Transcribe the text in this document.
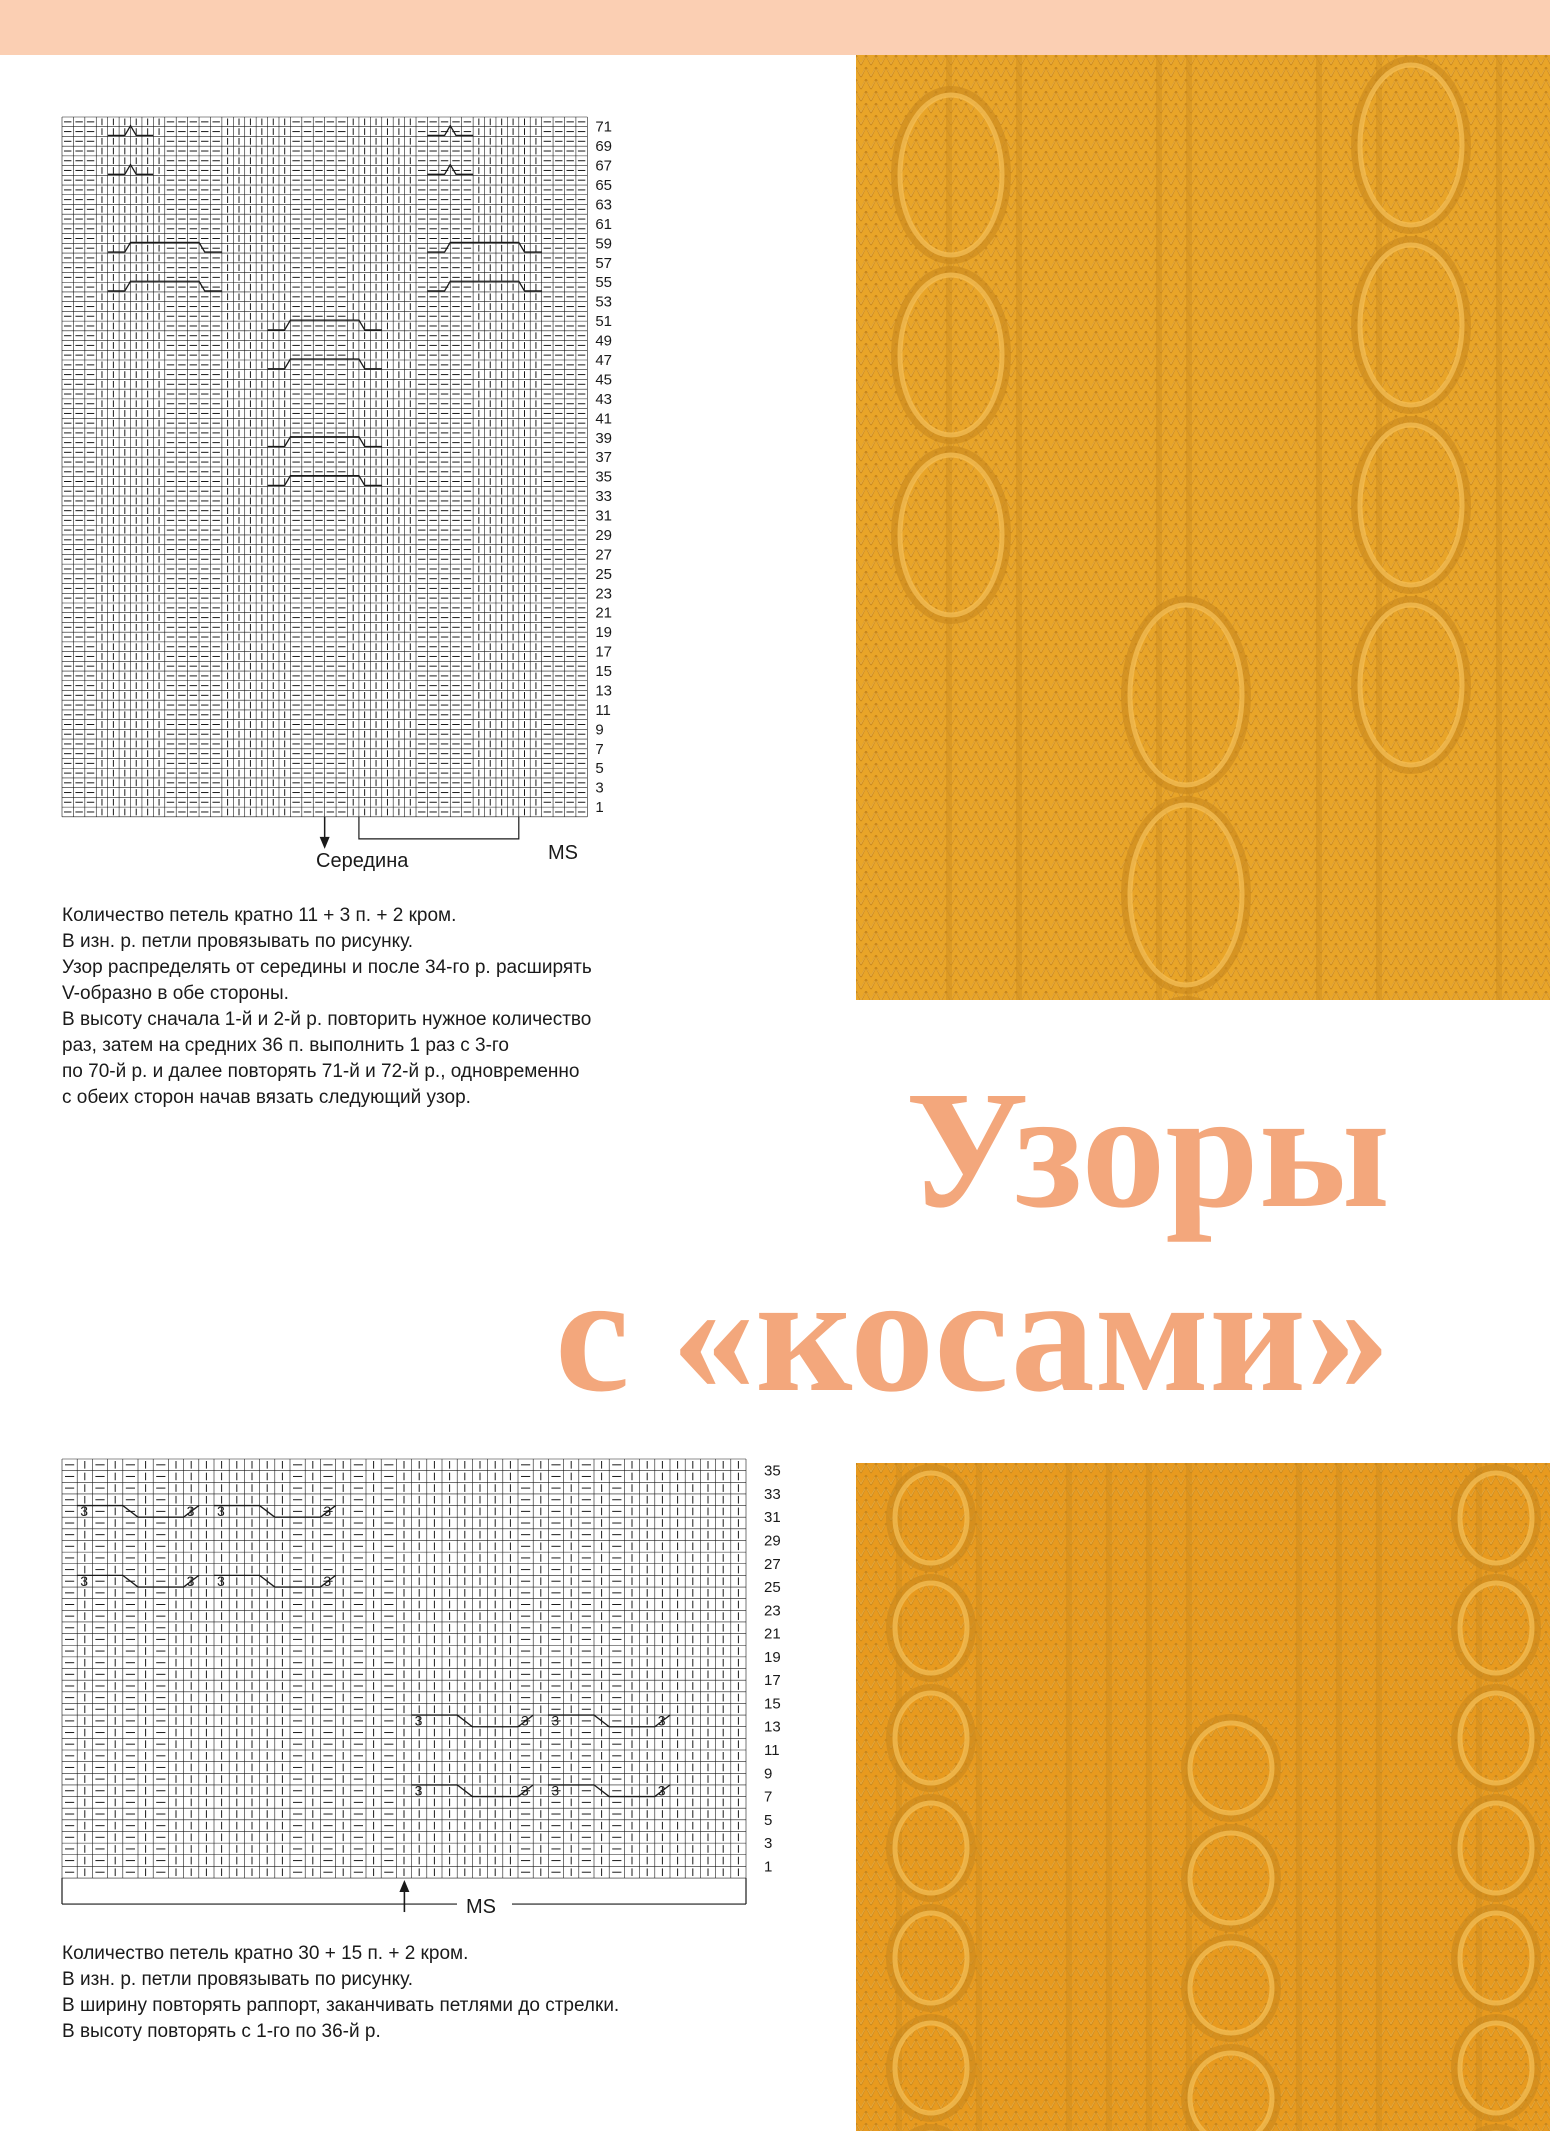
71
69
67
65
63
61
59
57
55
53
51
49
47
45
43
41
39
37
35
33
31
29
27
25
23
21
19
17
15
13
11
9
7
5
3
1
Середина	MS

Количество петель кратно 11 + 3 п. + 2 кром.

В изн. р. петли провязывать по рисунку.

Узор распределять от середины и после 34-го р. расширять

V-образно в обе стороны.

В высоту сначала 1-й и 2-й р. повторить нужное количество

раз, затем на средних 36 п. выполнить 1 раз с 3-го

по 70-й р. и далее повторять 71-й и 72-й р., одновременно

с обеих сторон начав вязать следующий узор.	Узоры
с «косами»
3	3 3	3
3	3 3	3
3	3 3	3
3	3 3	3
35
33
31
29
27
25
23
21
19
17
15
13
11
9
7
5
3
1
MS

Количество петель кратно 30 + 15 п. + 2 кром.

В изн. р. петли провязывать по рисунку.

В ширину повторять раппорт, заканчивать петлями до стрелки.

В высоту повторять с 1-го по 36-й р.
